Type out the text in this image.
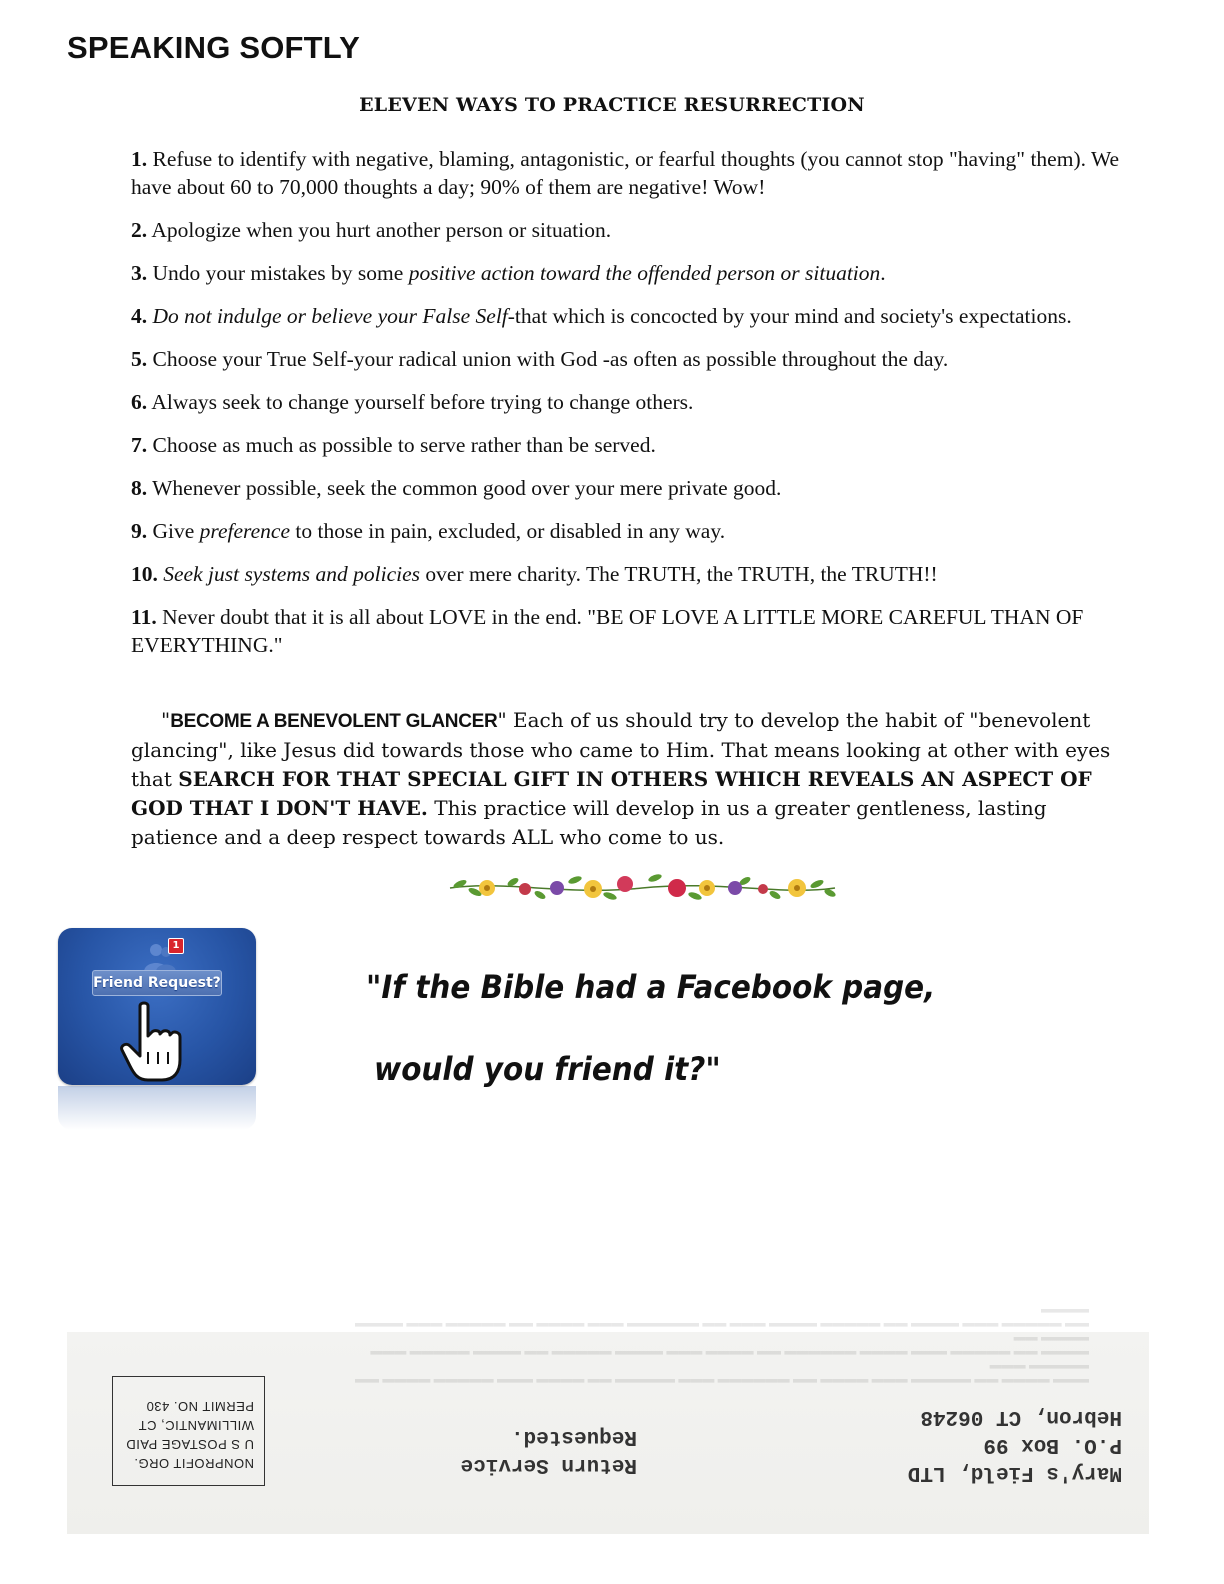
SPEAKING SOFTLY
ELEVEN WAYS TO PRACTICE RESURRECTION
1. Refuse to identify with negative, blaming, antagonistic, or fearful thoughts (you cannot stop "having" them). We have about 60 to 70,000 thoughts a day; 90% of them are negative! Wow!
2. Apologize when you hurt another person or situation.
3. Undo your mistakes by some positive action toward the offended person or situation.
4. Do not indulge or believe your False Self-that which is concocted by your mind and society's expectations.
5. Choose your True Self-your radical union with God -as often as possible throughout the day.
6. Always seek to change yourself before trying to change others.
7. Choose as much as possible to serve rather than be served.
8. Whenever possible, seek the common good over your mere private good.
9. Give preference to those in pain, excluded, or disabled in any way.
10. Seek just systems and policies over mere charity. The TRUTH, the TRUTH, the TRUTH!!
11. Never doubt that it is all about LOVE in the end. "BE OF LOVE A LITTLE MORE CAREFUL THAN OF EVERYTHING."
"BECOME A BENEVOLENT GLANCER" Each of us should try to develop the habit of "benevolent glancing", like Jesus did towards those who came to Him. That means looking at other with eyes that SEARCH FOR THAT SPECIAL GIFT IN OTHERS WHICH REVEALS AN ASPECT OF GOD THAT I DON'T HAVE. This practice will develop in us a greater gentleness, lasting patience and a deep respect towards ALL who come to us.
1
Friend Request?	"If the Bible had a Facebook page,
would you friend it?"
▬▬▬ ▬▬▬▬ ▬▬ ▬▬▬▬▬ ▬▬▬ ▬▬▬▬ ▬▬ ▬▬▬▬▬▬ ▬▬▬ ▬▬▬▬▬ ▬▬ ▬▬▬▬ ▬▬▬ ▬▬▬▬▬ ▬▬▬▬ ▬▬ ▬▬▬▬▬ ▬▬▬
▬▬▬▬ ▬▬ ▬▬▬▬▬ ▬▬▬ ▬▬▬▬ ▬▬▬▬▬▬ ▬▬ ▬▬▬▬ ▬▬▬ ▬▬▬▬ ▬▬▬▬▬ ▬▬ ▬▬▬▬ ▬▬▬▬▬ ▬▬▬ ▬▬▬▬ ▬▬
▬▬ ▬▬▬▬▬ ▬▬▬ ▬▬▬▬ ▬▬ ▬▬▬▬▬ ▬▬▬▬ ▬▬▬ ▬▬ ▬▬▬▬▬▬ ▬▬▬ ▬▬▬▬ ▬▬ ▬▬▬▬▬ ▬▬▬ ▬▬▬▬ ▬▬▬▬
NONPROFIT ORG.
U S POSTAGE PAID
WILLIMANTIC, CT
PERMIT NO. 430
Return Service
Requested.
Mary's Field, LTD
P.O. Box 99
Hebron, CT 06248
